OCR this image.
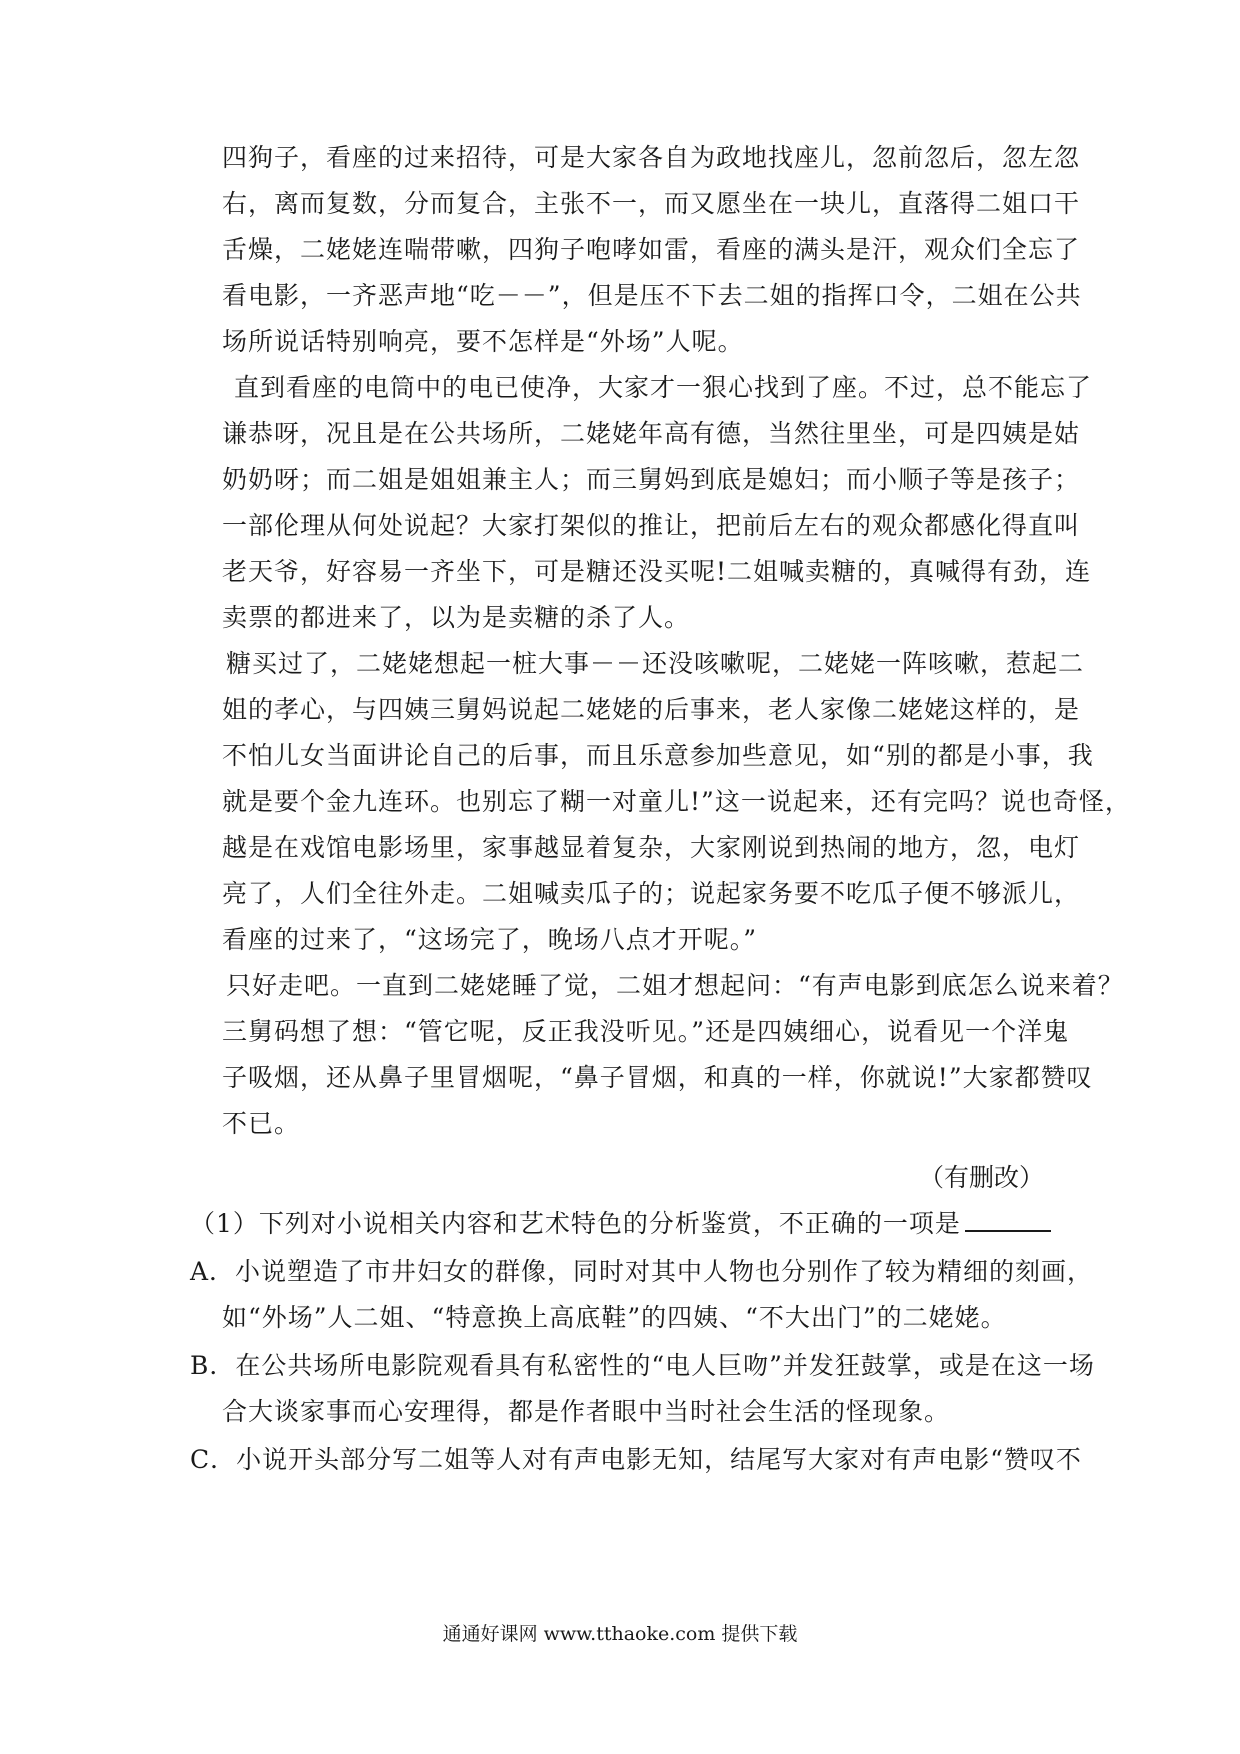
四狗子，看座的过来招待，可是大家各自为政地找座儿，忽前忽后，忽左忽
右，离而复数，分而复合，主张不一，而又愿坐在一块儿，直落得二姐口干
舌燥，二姥姥连喘带嗽，四狗子咆哮如雷，看座的满头是汗，观众们全忘了
看电影，一齐恶声地“吃－－”，但是压不下去二姐的指挥口令，二姐在公共
场所说话特别响亮，要不怎样是“外场”人呢。
直到看座的电筒中的电已使净，大家才一狠心找到了座。不过，总不能忘了
谦恭呀，况且是在公共场所，二姥姥年高有德，当然往里坐，可是四姨是姑
奶奶呀；而二姐是姐姐兼主人；而三舅妈到底是媳妇；而小顺子等是孩子；
一部伦理从何处说起？大家打架似的推让，把前后左右的观众都感化得直叫
老天爷，好容易一齐坐下，可是糖还没买呢!二姐喊卖糖的，真喊得有劲，连
卖票的都进来了，以为是卖糖的杀了人。
糖买过了，二姥姥想起一桩大事－－还没咳嗽呢，二姥姥一阵咳嗽，惹起二
姐的孝心，与四姨三舅妈说起二姥姥的后事来，老人家像二姥姥这样的，是
不怕儿女当面讲论自己的后事，而且乐意参加些意见，如“别的都是小事，我
就是要个金九连环。也别忘了糊一对童儿!”这一说起来，还有完吗？说也奇怪，
越是在戏馆电影场里，家事越显着复杂，大家刚说到热闹的地方，忽，电灯
亮了，人们全往外走。二姐喊卖瓜子的；说起家务要不吃瓜子便不够派儿，
看座的过来了，“这场完了，晚场八点才开呢。”
只好走吧。一直到二姥姥睡了觉，二姐才想起问：“有声电影到底怎么说来着？
三舅码想了想：“管它呢，反正我没听见。”还是四姨细心，说看见一个洋鬼
子吸烟，还从鼻子里冒烟呢，“鼻子冒烟，和真的一样，你就说!”大家都赞叹
不已。
（有删改）
（1）下列对小说相关内容和艺术特色的分析鉴赏，不正确的一项是
A．小说塑造了市井妇女的群像，同时对其中人物也分别作了较为精细的刻画，
如“外场”人二姐、“特意换上高底鞋”的四姨、“不大出门”的二姥姥。
B．在公共场所电影院观看具有私密性的“电人巨吻”并发狂鼓掌，或是在这一场
合大谈家事而心安理得，都是作者眼中当时社会生活的怪现象。
C．小说开头部分写二姐等人对有声电影无知，结尾写大家对有声电影“赞叹不
通通好课网 www.tthaoke.com 提供下载
